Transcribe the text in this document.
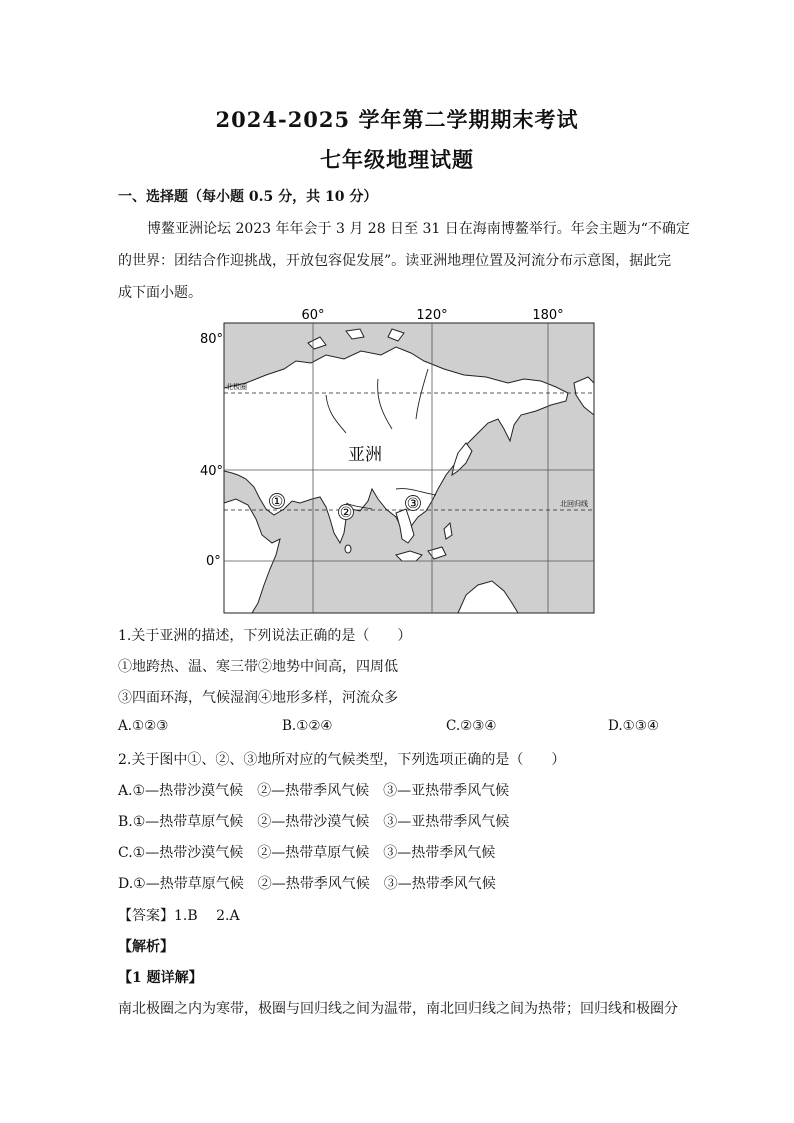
2024-2025 学年第二学期期末考试
七年级地理试题
一、选择题（每小题 0.5 分，共 10 分）
博鳌亚洲论坛 2023 年年会于 3 月 28 日至 31 日在海南博鳌举行。年会主题为“不确定
的世界：团结合作迎挑战，开放包容促发展”。读亚洲地理位置及河流分布示意图，据此完
成下面小题。
60°	120°	180°
80°
40°
0°
北极圈
北回归线
亚洲
①
②
③
1.关于亚洲的描述，下列说法正确的是（　　）
①地跨热、温、寒三带②地势中间高，四周低
③四面环海，气候湿润④地形多样，河流众多
A.①②③	B.①②④	C.②③④	D.①③④
2.关于图中①、②、③地所对应的气候类型，下列选项正确的是（　　）
A.①—热带沙漠气候　②—热带季风气候　③—亚热带季风气候
B.①—热带草原气候　②—热带沙漠气候　③—亚热带季风气候
C.①—热带沙漠气候　②—热带草原气候　③—热带季风气候
D.①—热带草原气候　②—热带季风气候　③—热带季风气候
【答案】1.B　 2.A
【解析】
【1 题详解】
南北极圈之内为寒带，极圈与回归线之间为温带，南北回归线之间为热带；回归线和极圈分
